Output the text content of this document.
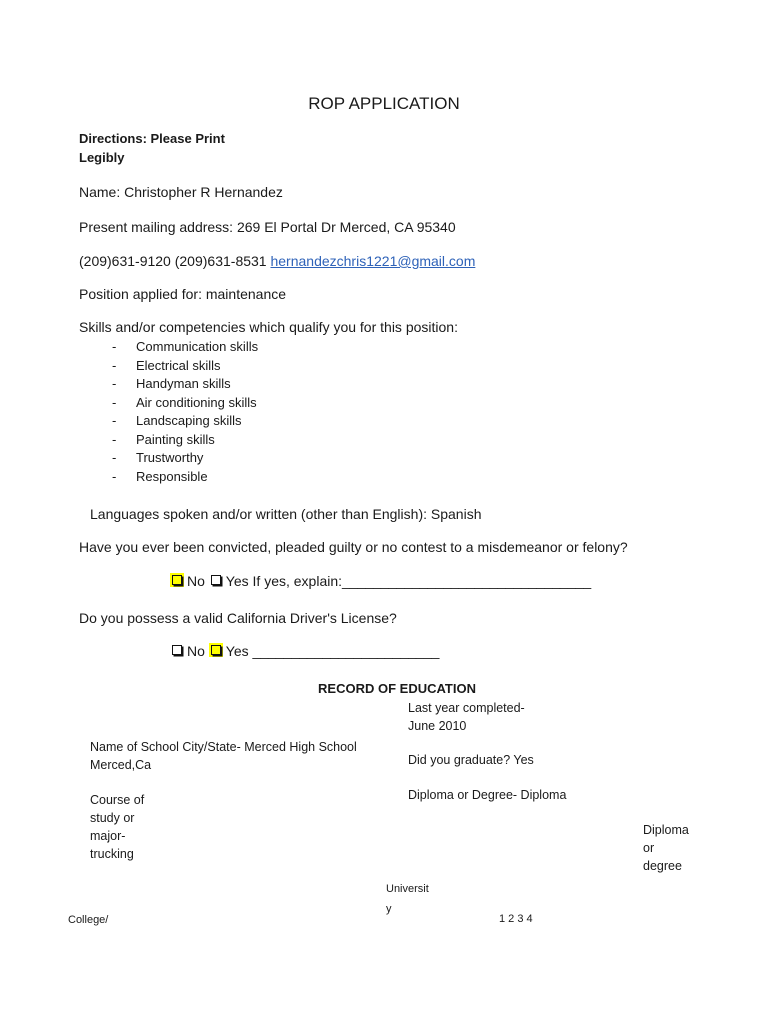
ROP APPLICATION
Directions: Please Print Legibly
Name: Christopher R Hernandez
Present mailing address: 269 El Portal Dr Merced, CA 95340
(209)631-9120 (209)631-8531 hernandezchris1221@gmail.com
Position applied for: maintenance
Skills and/or competencies which qualify you for this position:
- Communication skills
- Electrical skills
- Handyman skills
- Air conditioning skills
- Landscaping skills
- Painting skills
- Trustworthy
- Responsible
Languages spoken and/or written (other than English): Spanish
Have you ever been convicted, pleaded guilty or no contest to a misdemeanor or felony?
No Yes If yes, explain:________________________________
Do you possess a valid California Driver's License?
No Yes ________________________
RECORD OF EDUCATION
Last year completed-
June 2010
Name of School City/State- Merced High School
Merced,Ca	Did you graduate? Yes
Diploma or Degree- Diploma
Course of
study or
major-
trucking
Diploma
or
degree
Universit
y
College/	1 2 3 4
